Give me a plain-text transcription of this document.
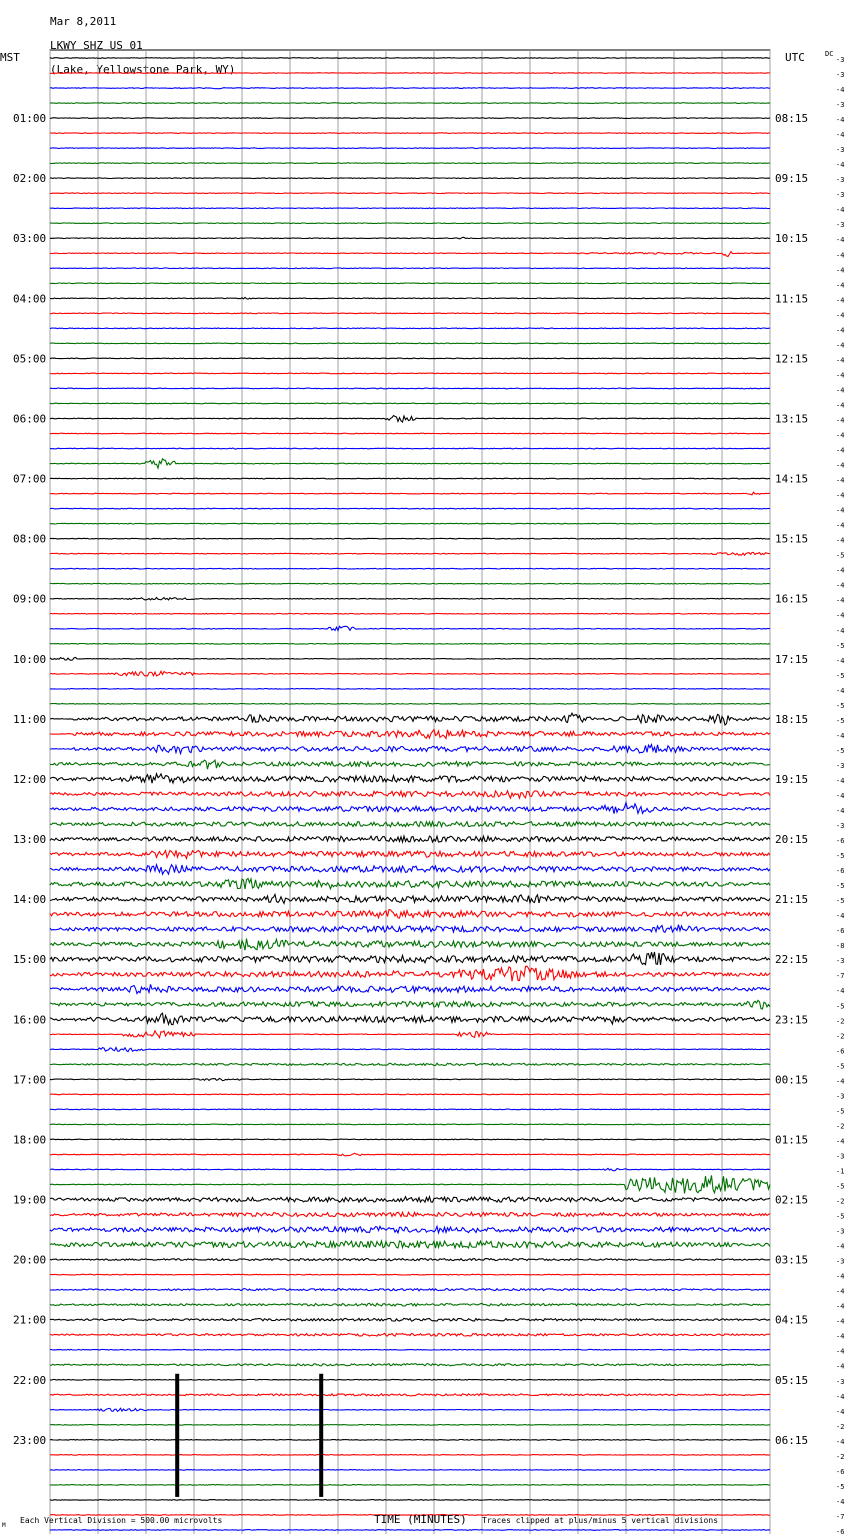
Mar 8,2011

LKWY SHZ US 01

(Lake, Yellowstone Park, WY)

-3
-3
-4
-3
-4
-4
-3
-4
-3
-3
-4
-3
-4
-4
-4
-4
-4
-4
-4
-4
-4
-4
-4
-4
-4
-4
-4
-4
-4
-4
-4
-4
-4
-5
-4
-4
-4
-4
-4
-5
-4
-5
-4
-5
-5
-4
-5
-3
-4
-4
-4
-3
-6
-5
-6
-5
-5
-4
-6
-8
-3
-7
-4
-5
-2
-2
-6
-5
-4
-3
-5
-2
-4
-3
-1
-5
-2
-5
-3
-4
-3
-4
-4
-4
-4
-4
-4
-4
-3
-4
-4
-2
-4
-2
-6
-5
-4
-7
-6
01:00
02:00
03:00
04:00
05:00
06:00
07:00
08:00
09:00
10:00
11:00
12:00
13:00
14:00
15:00
16:00
17:00
18:00
19:00
20:00
21:00
22:00
23:00
08:15
09:15
10:15
11:15
12:15
13:15
14:15
15:15
16:15
17:15
18:15
19:15
20:15
21:15
22:15
23:15
00:15
01:15
02:15
03:15
04:15
05:15
06:15
MST	UTC	DC
TIME (MINUTES)
Each Vertical Division = 500.00 microvolts	Traces clipped at plus/minus 5 vertical divisions
M
